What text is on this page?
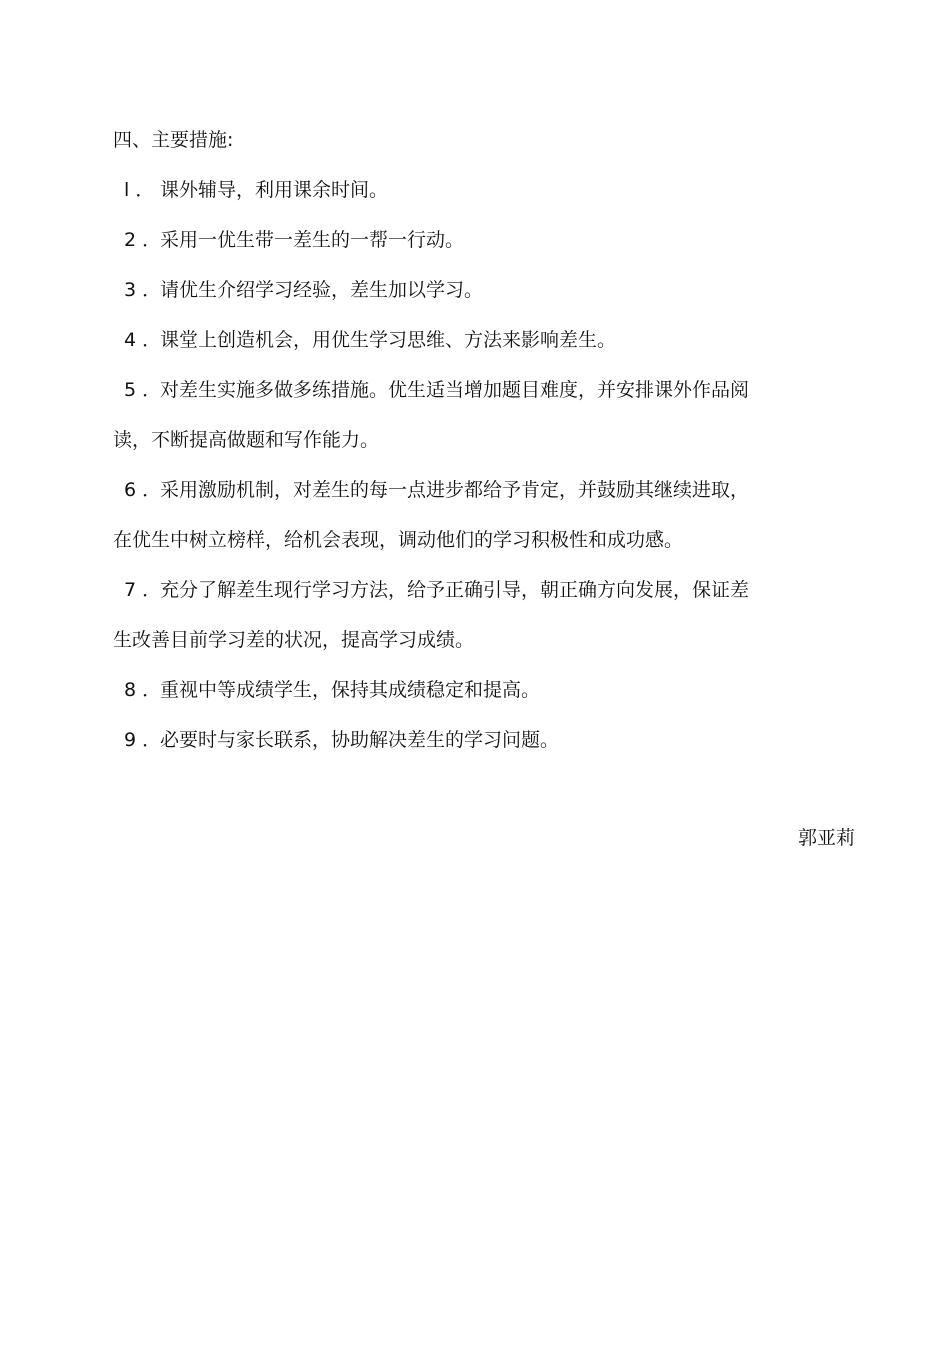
四、主要措施:
l ． 课外辅导，利用课余时间。
2 ．采用一优生带一差生的一帮一行动。
3 ．请优生介绍学习经验，差生加以学习。
4 ．课堂上创造机会，用优生学习思维、方法来影响差生。
5 ．对差生实施多做多练措施。优生适当增加题目难度，并安排课外作品阅
读，不断提高做题和写作能力。
6 ．采用激励机制，对差生的每一点进步都给予肯定，并鼓励其继续进取，
在优生中树立榜样，给机会表现，调动他们的学习积极性和成功感。
7 ．充分了解差生现行学习方法，给予正确引导，朝正确方向发展，保证差
生改善目前学习差的状况，提高学习成绩。
8 ．重视中等成绩学生，保持其成绩稳定和提高。
9 ．必要时与家长联系，协助解决差生的学习问题。
郭亚莉
